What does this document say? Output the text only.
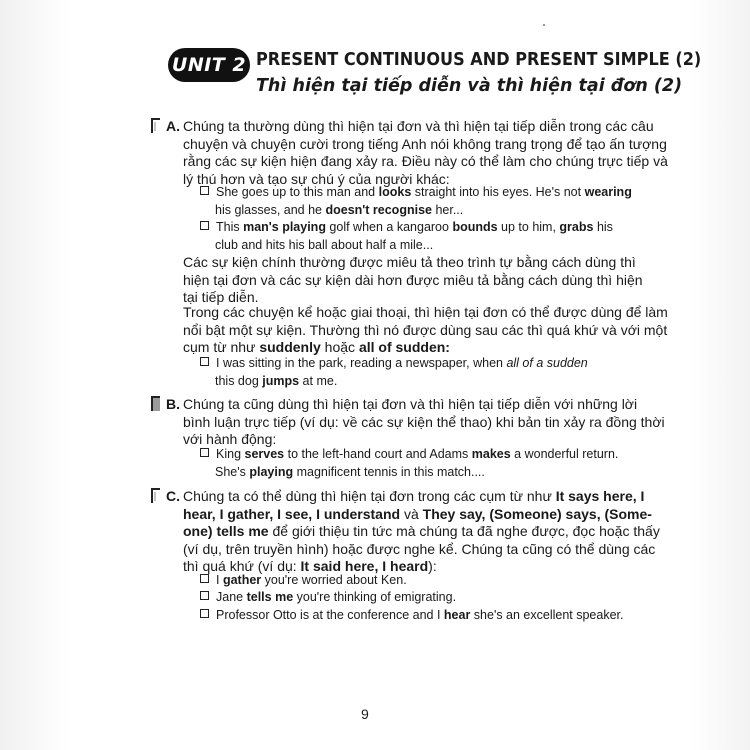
UNIT 2 PRESENT CONTINUOUS AND PRESENT SIMPLE (2)
Thì hiện tại tiếp diễn và thì hiện tại đơn (2)
A. Chúng ta thường dùng thì hiện tại đơn và thì hiện tại tiếp diễn trong các câu
chuyện và chuyện cười trong tiếng Anh nói không trang trọng để tạo ấn tượng
rằng các sự kiện hiện đang xảy ra. Điều này có thể làm cho chúng trực tiếp và
lý thú hơn và tạo sự chú ý của người khác:
She goes up to this man and looks straight into his eyes. He's not wearing
his glasses, and he doesn't recognise her...
This man's playing golf when a kangaroo bounds up to him, grabs his
club and hits his ball about half a mile...
Các sự kiện chính thường được miêu tả theo trình tự bằng cách dùng thì
hiện tại đơn và các sự kiện dài hơn được miêu tả bằng cách dùng thì hiện
tại tiếp diễn.
Trong các chuyện kể hoặc giai thoại, thì hiện tại đơn có thể được dùng để làm
nổi bật một sự kiện. Thường thì nó được dùng sau các thì quá khứ và với một
cụm từ như suddenly hoặc all of sudden:
I was sitting in the park, reading a newspaper, when all of a sudden
this dog jumps at me.
B. Chúng ta cũng dùng thì hiện tại đơn và thì hiện tại tiếp diễn với những lời
bình luận trực tiếp (ví dụ: về các sự kiện thể thao) khi bản tin xảy ra đồng thời
với hành động:
King serves to the left-hand court and Adams makes a wonderful return.
She's playing magnificent tennis in this match....
C. Chúng ta có thể dùng thì hiện tại đơn trong các cụm từ như It says here, I
hear, I gather, I see, I understand và They say, (Someone) says, (Some-
one) tells me để giới thiệu tin tức mà chúng ta đã nghe được, đọc hoặc thấy
(ví dụ, trên truyền hình) hoặc được nghe kể. Chúng ta cũng có thể dùng các
thì quá khứ (ví dụ: It said here, I heard):
I gather you're worried about Ken.
Jane tells me you're thinking of emigrating.
Professor Otto is at the conference and I hear she's an excellent speaker.
9
